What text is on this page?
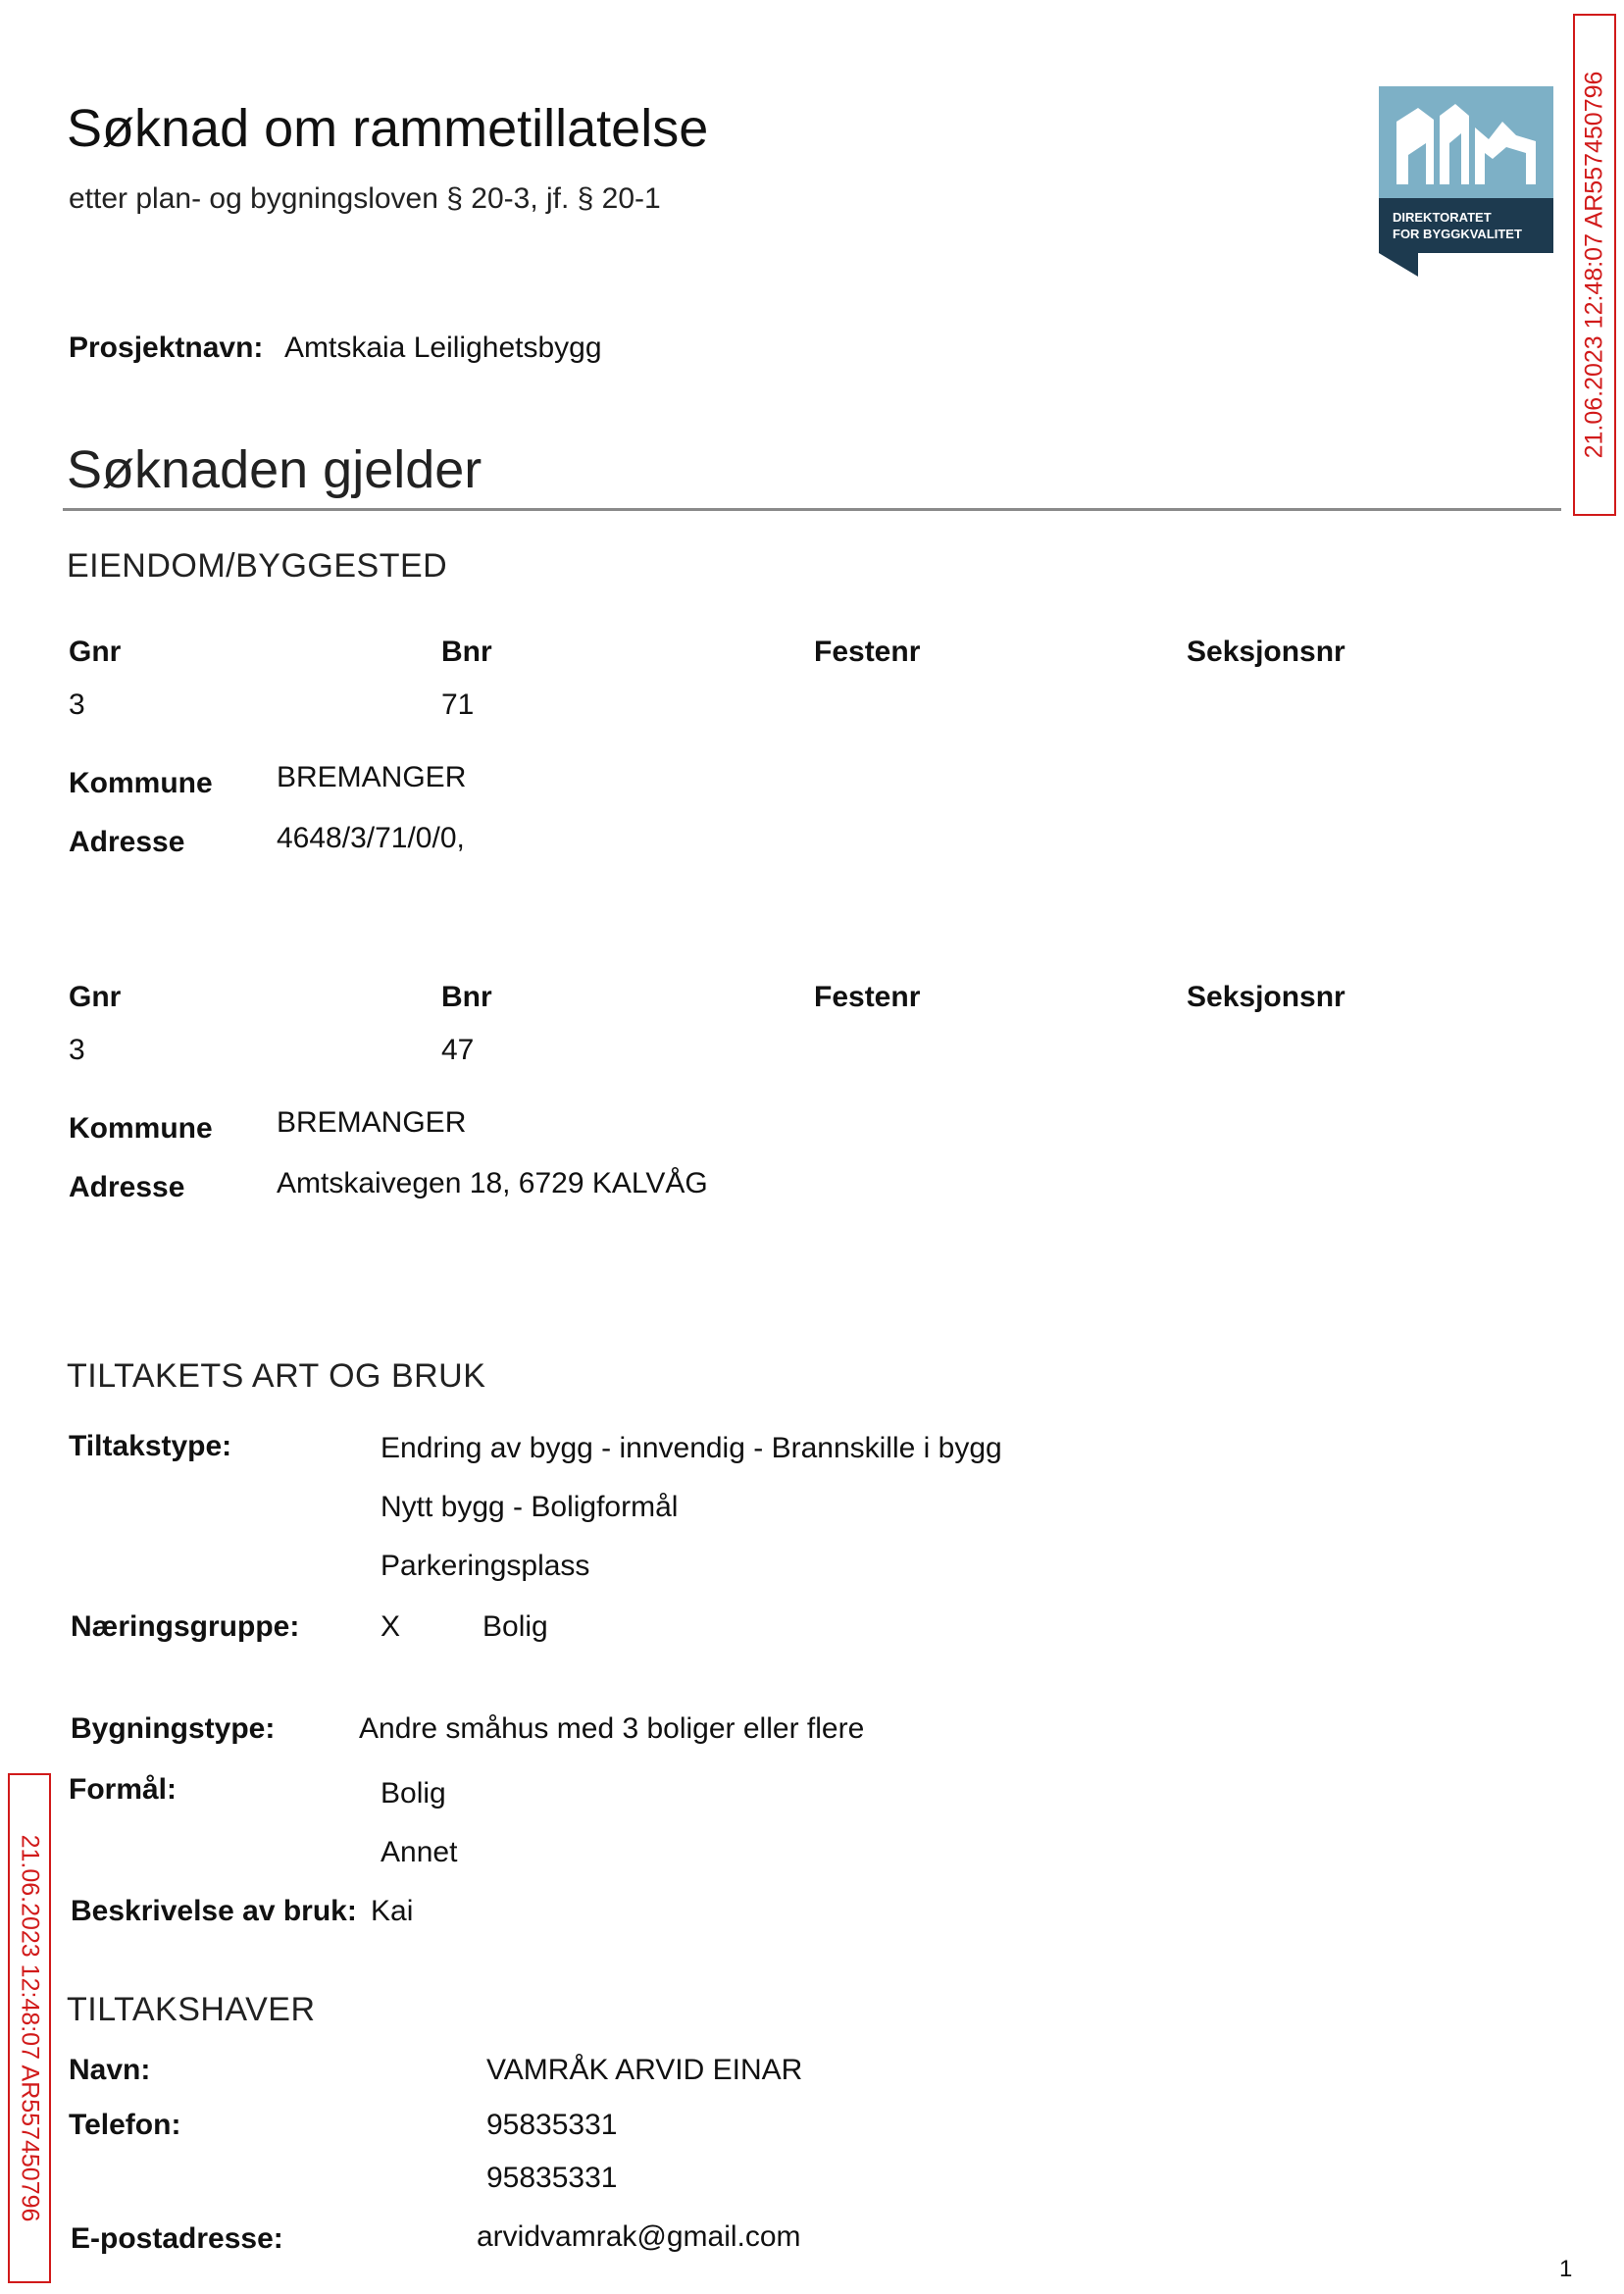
Søknad om rammetillatelse
etter plan- og bygningsloven § 20-3, jf. § 20-1
DIREKTORATET
FOR BYGGKVALITET 21.06.2023 12:48:07 AR557450796
21.06.2023 12:48:07 AR557450796
Prosjektnavn: Amtskaia Leilighetsbygg
Søknaden gjelder
EIENDOM/BYGGESTED
Gnr	Bnr	Festenr	Seksjonsnr
3	71
Kommune BREMANGER
Adresse	4648/3/71/0/0,
Gnr	Bnr	Festenr	Seksjonsnr
3	47
Kommune BREMANGER
Adresse	Amtskaivegen 18, 6729 KALVÅG
TILTAKETS ART OG BRUK
Tiltakstype:	Endring av bygg - innvendig - Brannskille i bygg
Nytt bygg - Boligformål
Parkeringsplass
Næringsgruppe:	X	Bolig
Bygningstype:	Andre småhus med 3 boliger eller flere
Formål:	Bolig
Annet
Beskrivelse av bruk: Kai
TILTAKSHAVER
Navn:	VAMRÅK ARVID EINAR
Telefon:	95835331
95835331
E-postadresse:	arvidvamrak@gmail.com
1
